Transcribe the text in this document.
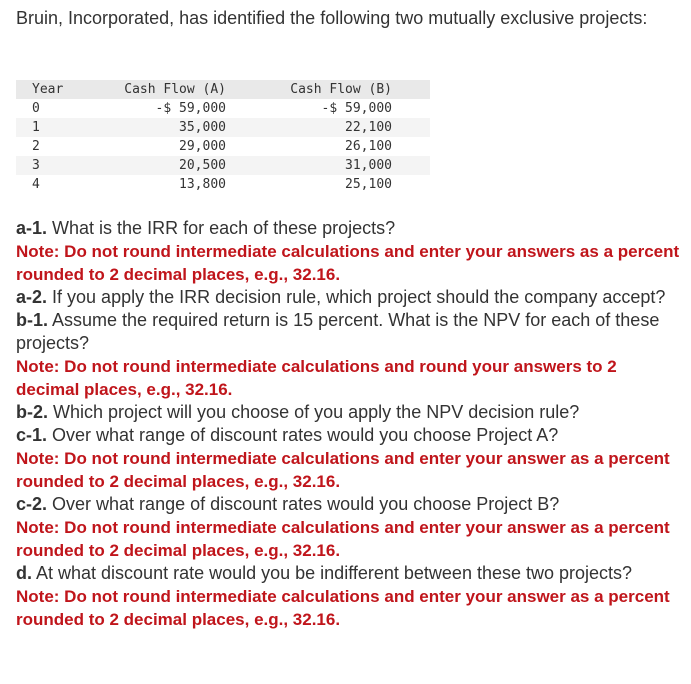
Bruin, Incorporated, has identified the following two mutually exclusive projects:
Year	Cash Flow (A)		Cash Flow (B)	
0	-$ 59,000		-$ 59,000	
1	35,000		22,100	
2	29,000		26,100	
3	20,500		31,000	
4	13,800		25,100	

a-1. What is the IRR for each of these projects?

Note: Do not round intermediate calculations and enter your answers as a percent rounded to 2 decimal places, e.g., 32.16.

a-2. If you apply the IRR decision rule, which project should the company accept?

b-1. Assume the required return is 15 percent. What is the NPV for each of these projects?

Note: Do not round intermediate calculations and round your answers to 2 decimal places, e.g., 32.16.

b-2. Which project will you choose of you apply the NPV decision rule?

c-1. Over what range of discount rates would you choose Project A?

Note: Do not round intermediate calculations and enter your answer as a percent rounded to 2 decimal places, e.g., 32.16.

c-2. Over what range of discount rates would you choose Project B?

Note: Do not round intermediate calculations and enter your answer as a percent rounded to 2 decimal places, e.g., 32.16.

d. At what discount rate would you be indifferent between these two projects?

Note: Do not round intermediate calculations and enter your answer as a percent rounded to 2 decimal places, e.g., 32.16.
